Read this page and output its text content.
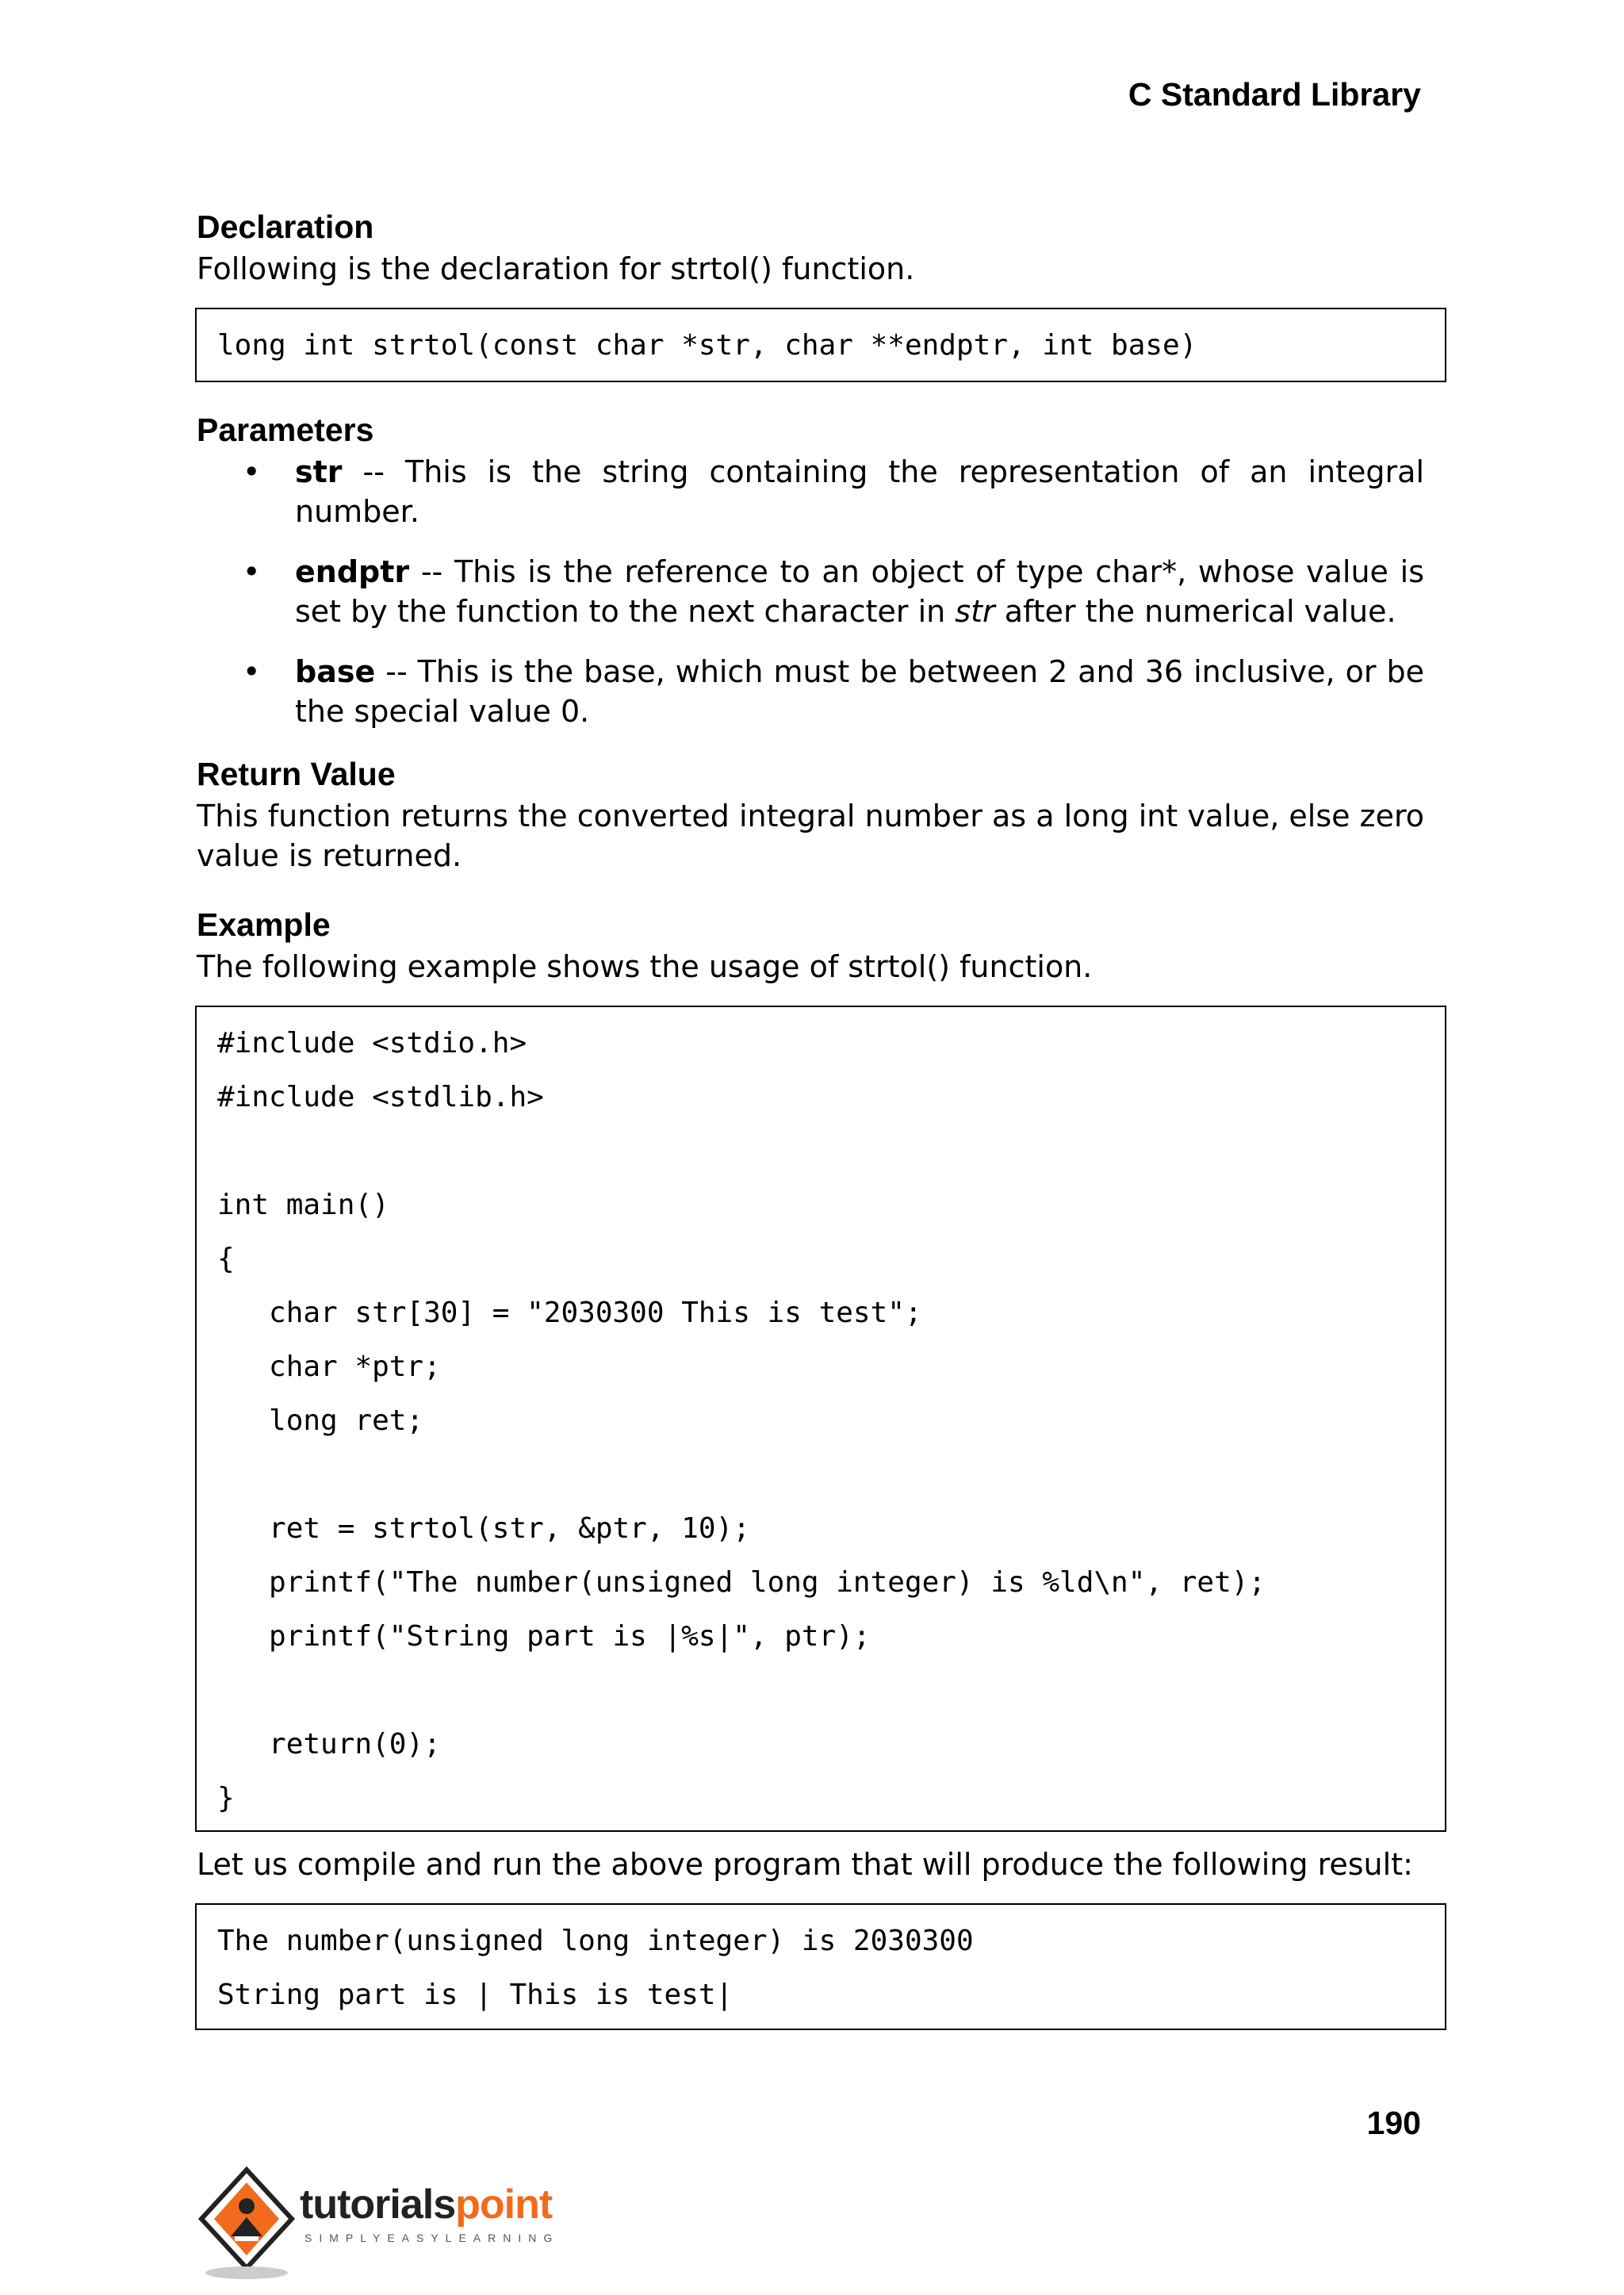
C Standard Library
Declaration

Following is the declaration for strtol() function.

long int strtol(const char *str, char **endptr, int base)
Parameters
• str -- This is the string containing the representation of an integral number.

• endptr -- This is the reference to an object of type char*, whose value is set by the function to the next character in str after the numerical value.

• base -- This is the base, which must be between 2 and 36 inclusive, or be the special value 0.

Return Value

This function returns the converted integral number as a long int value, else zero value is returned.

Example

The following example shows the usage of strtol() function.

#include <stdio.h>
#include <stdlib.h>
int main()
{
char str[30] = "2030300 This is test";
char *ptr;
long ret;
ret = strtol(str, &ptr, 10);
printf("The number(unsigned long integer) is %ld\n", ret);
printf("String part is |%s|", ptr);
return(0);
}

Let us compile and run the above program that will produce the following result:

The number(unsigned long integer) is 2030300
String part is | This is test|
190
tutorialspoint
SIMPLYEASYLEARNING
